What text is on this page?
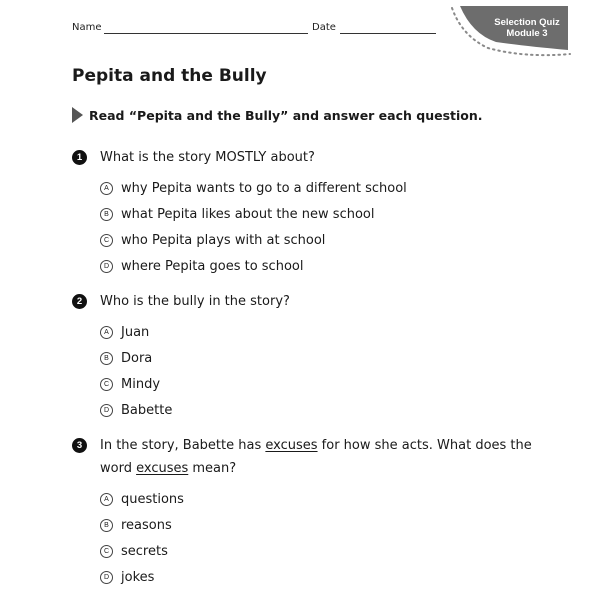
Name	Date	Selection Quiz
Module 3
Pepita and the Bully
Read “Pepita and the Bully” and answer each question.
1	What is the story MOSTLY about?
A why Pepita wants to go to a different school
B what Pepita likes about the new school
C who Pepita plays with at school
D where Pepita goes to school
2	Who is the bully in the story?
A Juan
B Dora
C Mindy
D Babette
3	In the story, Babette has excuses for how she acts. What does the word excuses mean?
A questions
B reasons
C secrets
D jokes
